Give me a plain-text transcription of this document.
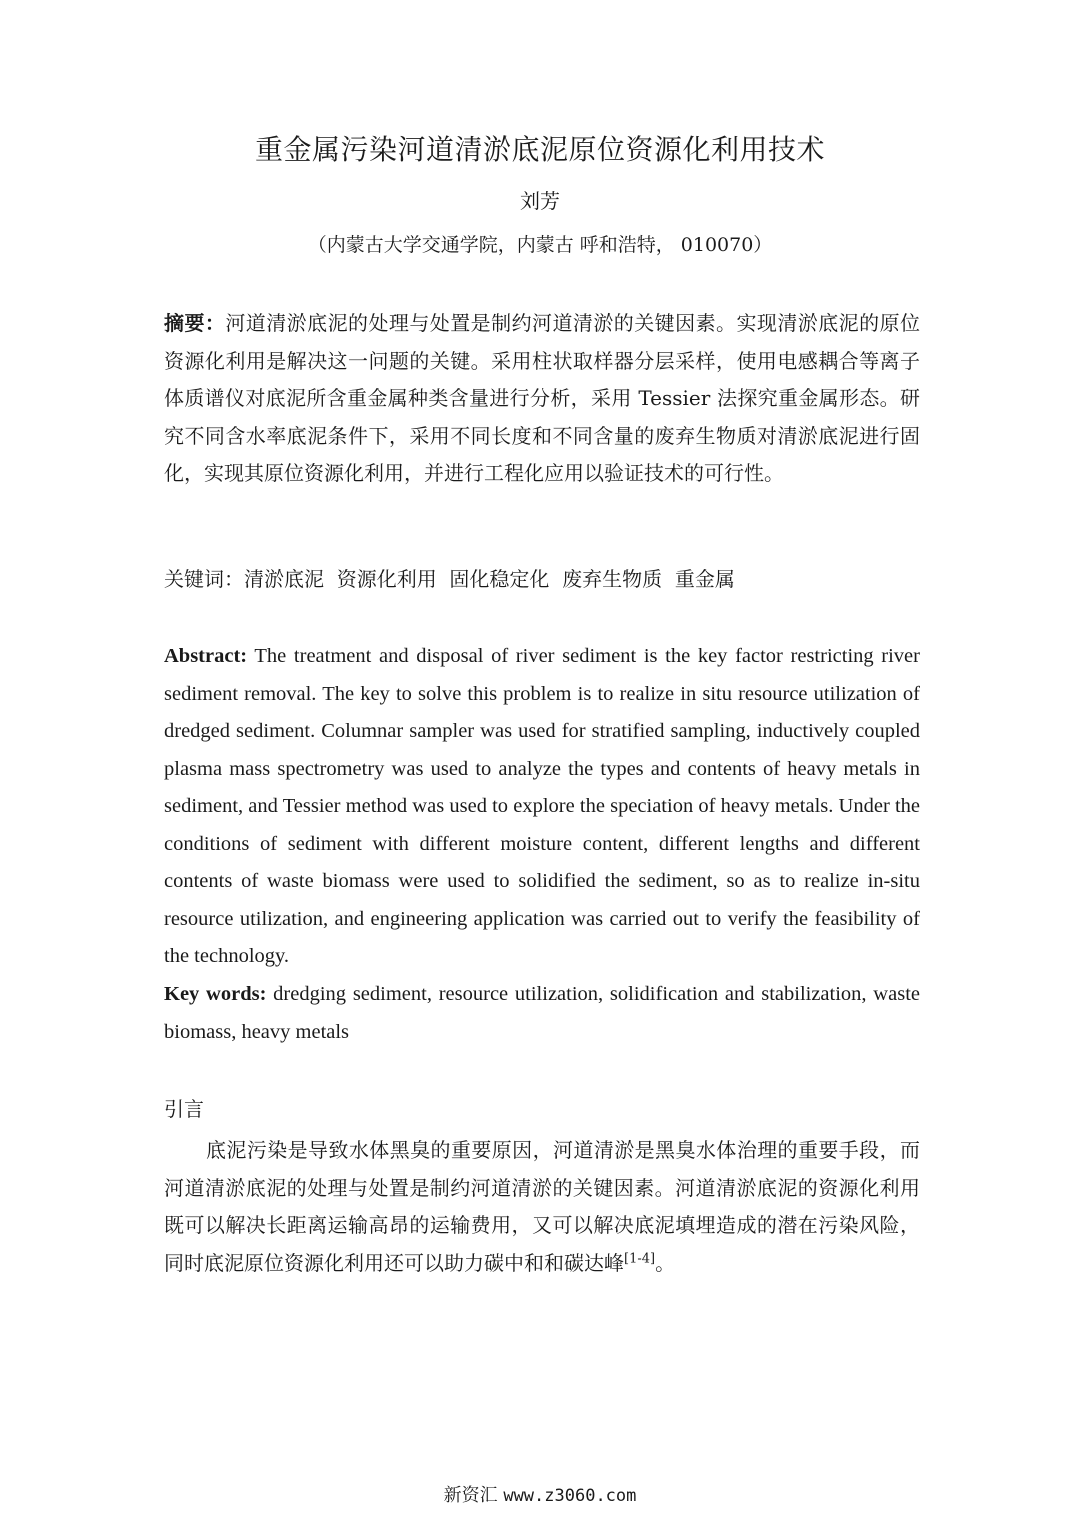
重金属污染河道清淤底泥原位资源化利用技术
刘芳
（内蒙古大学交通学院，内蒙古 呼和浩特， 010070）
摘要：河道清淤底泥的处理与处置是制约河道清淤的关键因素。实现清淤底泥的原位资源化利用是解决这一问题的关键。采用柱状取样器分层采样，使用电感耦合等离子体质谱仪对底泥所含重金属种类含量进行分析，采用 Tessier 法探究重金属形态。研究不同含水率底泥条件下，采用不同长度和不同含量的废弃生物质对清淤底泥进行固化，实现其原位资源化利用，并进行工程化应用以验证技术的可行性。
关键词：清淤底泥  资源化利用  固化稳定化  废弃生物质  重金属
Abstract: The treatment and disposal of river sediment is the key factor restricting river sediment removal. The key to solve this problem is to realize in situ resource utilization of dredged sediment. Columnar sampler was used for stratified sampling, inductively coupled plasma mass spectrometry was used to analyze the types and contents of heavy metals in sediment, and Tessier method was used to explore the speciation of heavy metals. Under the conditions of sediment with different moisture content, different lengths and different contents of waste biomass were used to solidified the sediment, so as to realize in-situ resource utilization, and engineering application was carried out to verify the feasibility of the technology.
Key words: dredging sediment, resource utilization, solidification and stabilization, waste biomass, heavy metals
引言
底泥污染是导致水体黑臭的重要原因，河道清淤是黑臭水体治理的重要手段，而河道清淤底泥的处理与处置是制约河道清淤的关键因素。河道清淤底泥的资源化利用既可以解决长距离运输高昂的运输费用，又可以解决底泥填埋造成的潜在污染风险，同时底泥原位资源化利用还可以助力碳中和和碳达峰[1-4]。
新资汇 www.z3060.com
